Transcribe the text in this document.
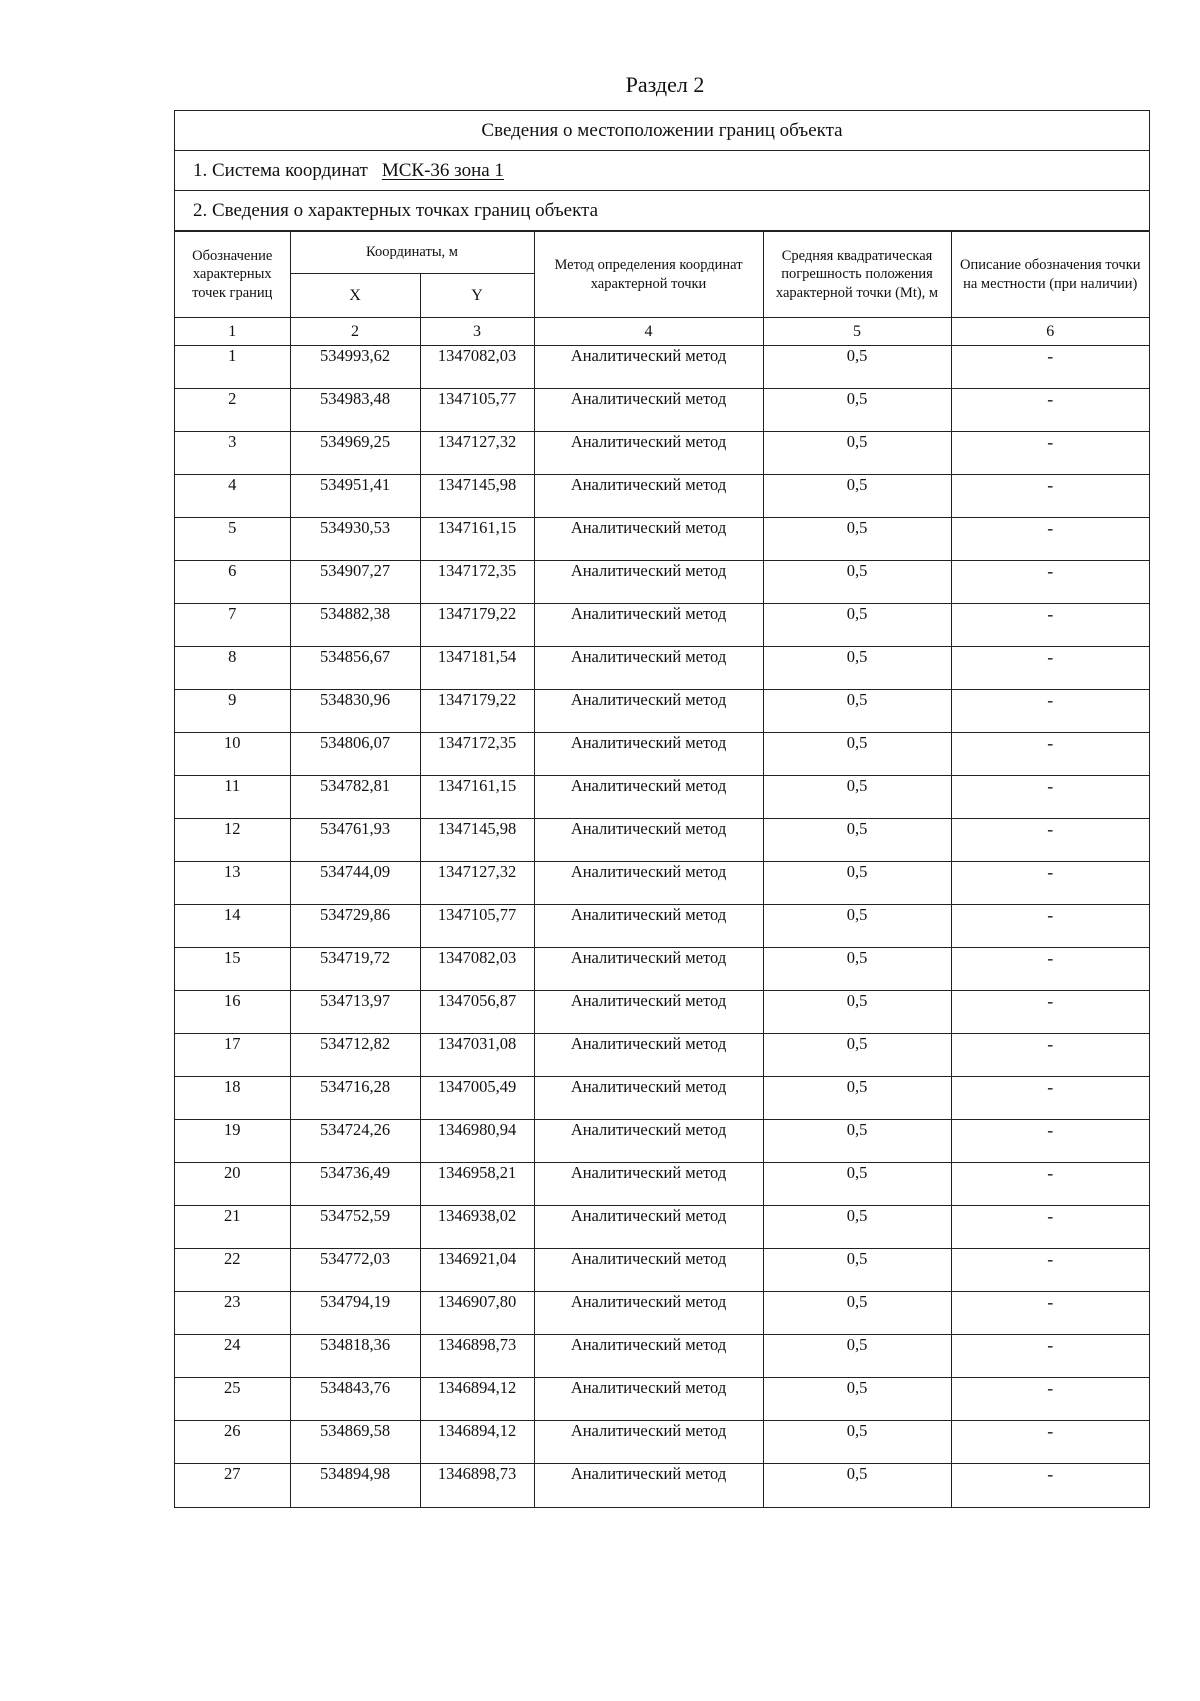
Раздел 2
Сведения о местоположении границ объекта
1. Система координат МСК-36 зона 1
2. Сведения о характерных точках границ объекта
Обозначение характерных точек границ	Координаты, м		Метод определения координат характерной точки	Средняя квадратическая погрешность положения характерной точки (Mt), м	Описание обозначения точки на местности (при наличии)
	X	Y			
1	2	3	4	5	6
1	534993,62	1347082,03	Аналитический метод	0,5	-
2	534983,48	1347105,77	Аналитический метод	0,5	-
3	534969,25	1347127,32	Аналитический метод	0,5	-
4	534951,41	1347145,98	Аналитический метод	0,5	-
5	534930,53	1347161,15	Аналитический метод	0,5	-
6	534907,27	1347172,35	Аналитический метод	0,5	-
7	534882,38	1347179,22	Аналитический метод	0,5	-
8	534856,67	1347181,54	Аналитический метод	0,5	-
9	534830,96	1347179,22	Аналитический метод	0,5	-
10	534806,07	1347172,35	Аналитический метод	0,5	-
11	534782,81	1347161,15	Аналитический метод	0,5	-
12	534761,93	1347145,98	Аналитический метод	0,5	-
13	534744,09	1347127,32	Аналитический метод	0,5	-
14	534729,86	1347105,77	Аналитический метод	0,5	-
15	534719,72	1347082,03	Аналитический метод	0,5	-
16	534713,97	1347056,87	Аналитический метод	0,5	-
17	534712,82	1347031,08	Аналитический метод	0,5	-
18	534716,28	1347005,49	Аналитический метод	0,5	-
19	534724,26	1346980,94	Аналитический метод	0,5	-
20	534736,49	1346958,21	Аналитический метод	0,5	-
21	534752,59	1346938,02	Аналитический метод	0,5	-
22	534772,03	1346921,04	Аналитический метод	0,5	-
23	534794,19	1346907,80	Аналитический метод	0,5	-
24	534818,36	1346898,73	Аналитический метод	0,5	-
25	534843,76	1346894,12	Аналитический метод	0,5	-
26	534869,58	1346894,12	Аналитический метод	0,5	-
27	534894,98	1346898,73	Аналитический метод	0,5	-
